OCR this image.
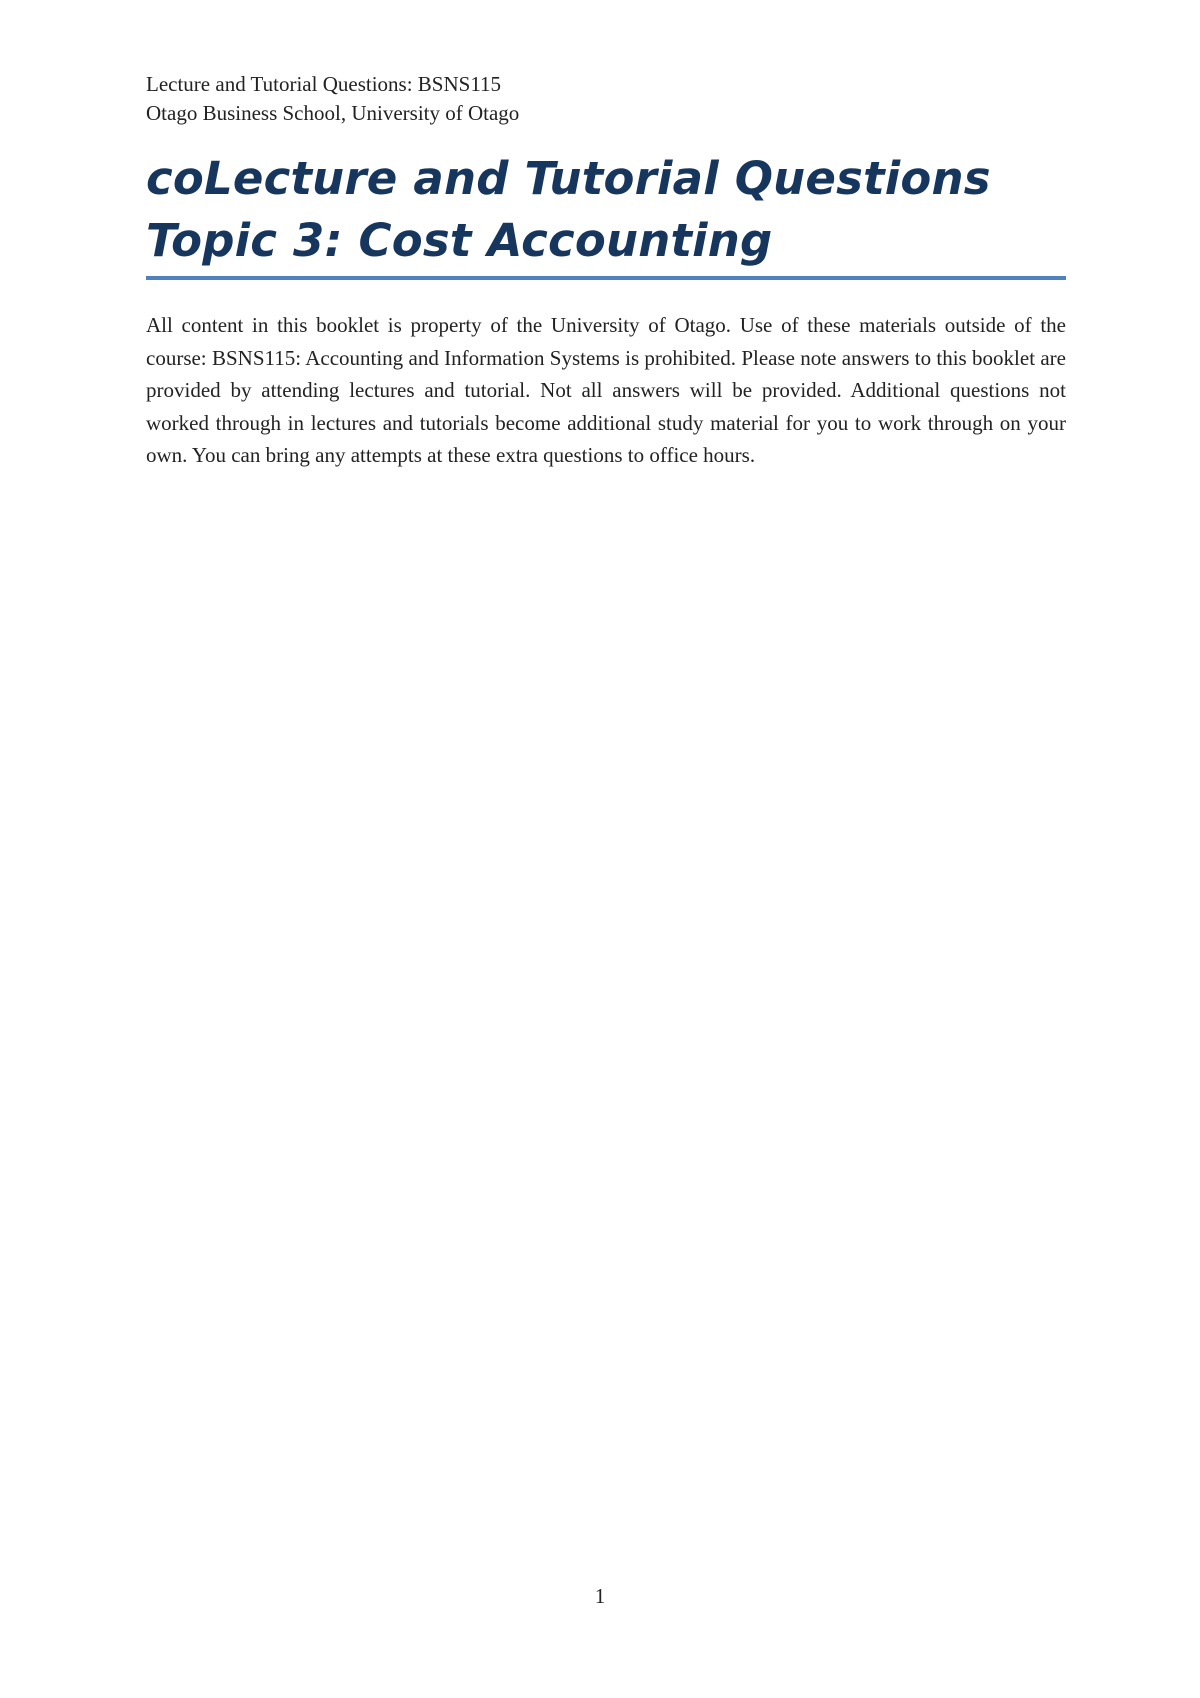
Lecture and Tutorial Questions: BSNS115
Otago Business School, University of Otago
coLecture and Tutorial Questions
Topic 3: Cost Accounting

All content in this booklet is property of the University of Otago. Use of these materials outside of the course: BSNS115: Accounting and Information Systems is prohibited. Please note answers to this booklet are provided by attending lectures and tutorial. Not all answers will be provided. Additional questions not worked through in lectures and tutorials become additional study material for you to work through on your own. You can bring any attempts at these extra questions to office hours.

1
